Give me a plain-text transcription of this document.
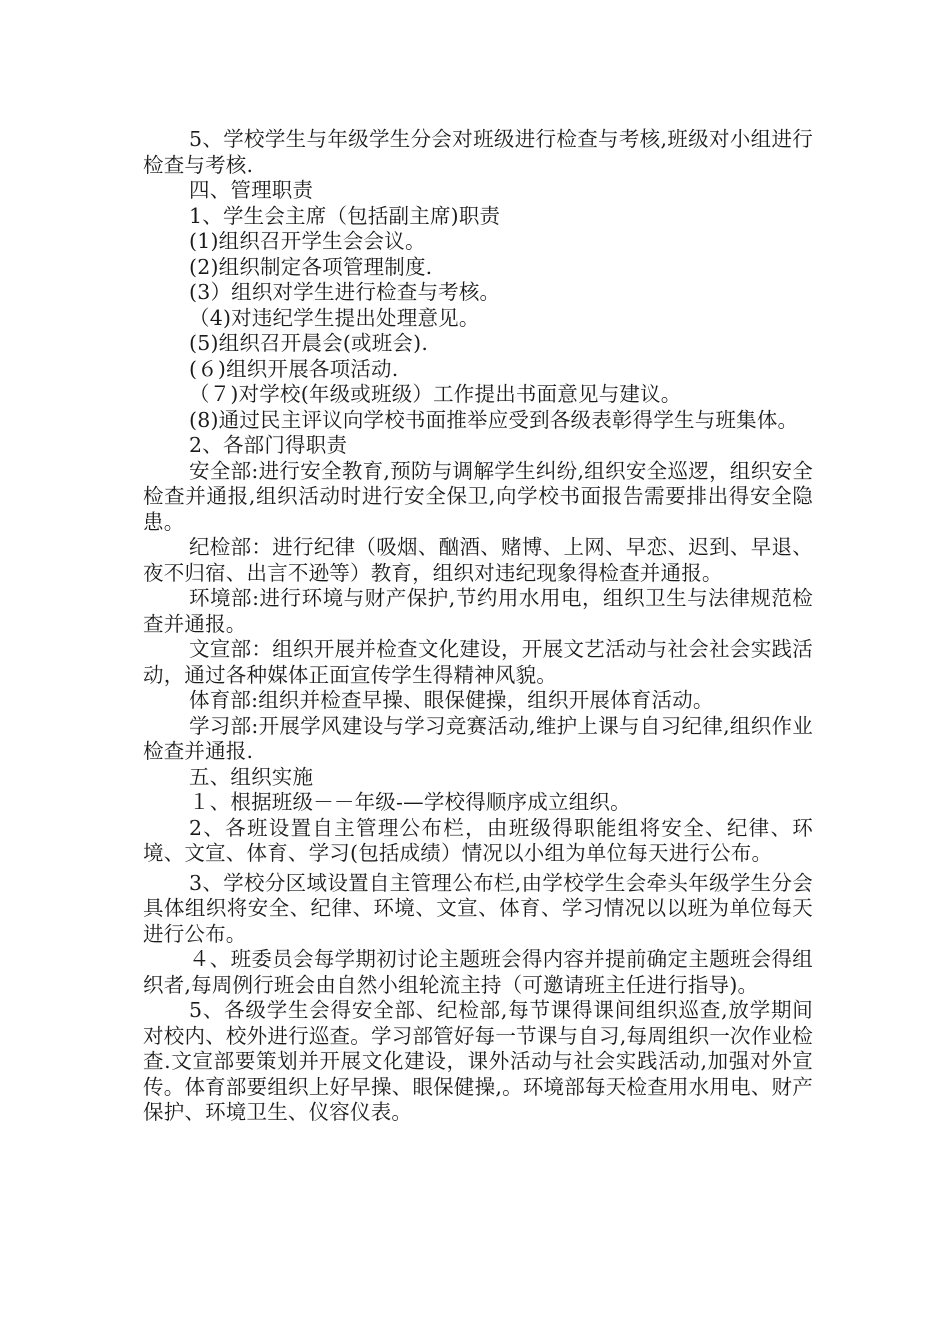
5、学校学生与年级学生分会对班级进行检查与考核,班级对小组进行检查与考核.

四、管理职责

1、学生会主席（包括副主席)职责

(1)组织召开学生会会议。

(2)组织制定各项管理制度.

(3）组织对学生进行检查与考核。

（4)对违纪学生提出处理意见。

(5)组织召开晨会(或班会).

(６)组织开展各项活动.

（７)对学校(年级或班级）工作提出书面意见与建议。

(8)通过民主评议向学校书面推举应受到各级表彰得学生与班集体。

2、各部门得职责

安全部:进行安全教育,预防与调解学生纠纷,组织安全巡逻，组织安全检查并通报,组织活动时进行安全保卫,向学校书面报告需要排出得安全隐患。

纪检部：进行纪律（吸烟、酗酒、赌博、上网、早恋、迟到、早退、夜不归宿、出言不逊等）教育，组织对违纪现象得检查并通报。

环境部:进行环境与财产保护,节约用水用电，组织卫生与法律规范检查并通报。

文宣部：组织开展并检查文化建设，开展文艺活动与社会社会实践活动，通过各种媒体正面宣传学生得精神风貌。

体育部:组织并检查早操、眼保健操，组织开展体育活动。

学习部:开展学风建设与学习竞赛活动,维护上课与自习纪律,组织作业检查并通报.

五、组织实施

１、根据班级－－年级-—学校得顺序成立组织。

2、各班设置自主管理公布栏，由班级得职能组将安全、纪律、环境、文宣、体育、学习(包括成绩）情况以小组为单位每天进行公布。

3、学校分区域设置自主管理公布栏,由学校学生会牵头年级学生分会具体组织将安全、纪律、环境、文宣、体育、学习情况以以班为单位每天进行公布。

４、班委员会每学期初讨论主题班会得内容并提前确定主题班会得组织者,每周例行班会由自然小组轮流主持（可邀请班主任进行指导)。

5、各级学生会得安全部、纪检部,每节课得课间组织巡查,放学期间对校内、校外进行巡查。学习部管好每一节课与自习,每周组织一次作业检查.文宣部要策划并开展文化建设，课外活动与社会实践活动,加强对外宣传。体育部要组织上好早操、眼保健操,。环境部每天检查用水用电、财产保护、环境卫生、仪容仪表。
